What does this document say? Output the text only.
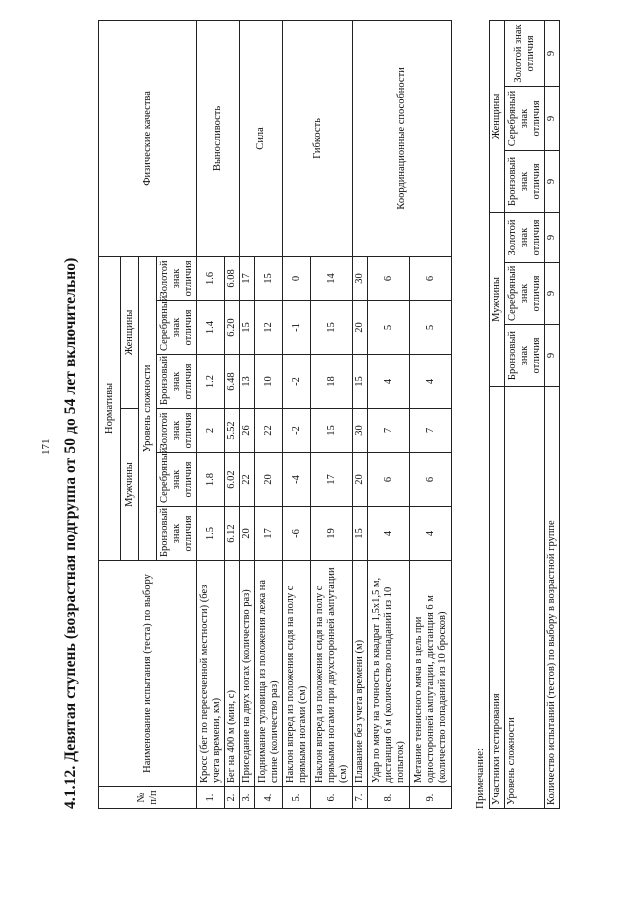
171 4.1.12. Девятая ступень (возрастная подгруппа от 50 до 54 лет включительно)	№ п/п	Наименование испытания (теста) по выбору	Нормативы						Физические качества
		Мужчины			Женщины			
		Уровень сложности						
		Бронзовый знак отличия	Серебряный знак отличия	Золотой знак отличия	Бронзовый знак отличия	Серебряный знак отличия	Золотой знак отличия	
1.	Кросс (бег по пересеченной местности) (без учета времени, км)	1.5	1.8	2	1.2	1.4	1.6	Выносливость
2.	Бег на 400 м (мин, с)	6.12	6.02	5.52	6.48	6.20	6.08	
3.	Приседание на двух ногах (количество раз)	20	22	26	13	15	17	Сила
4.	Поднимание туловища из положения лежа на спине (количество раз)	17	20	22	10	12	15	
5.	Наклон вперед из положения сидя на полу с прямыми ногами (см)	-6	-4	-2	-2	-1	0	Гибкость
6.	Наклон вперед из положения сидя на полу с прямыми ногами при двухсторонней ампутации (см)	19	17	15	18	15	14	
7.	Плавание без учета времени (м)	15	20	30	15	20	30	Координационные способности
8.	Удар по мячу на точность в квадрат 1,5х1,5 м, дистанция 6 м (количество попаданий из 10 попыток)	4	6	7	4	5	6	
9.	Метание теннисного мяча в цель при односторонней ампутации, дистанция 6 м (количество попаданий из 10 бросков)	4	6	7	4	5	6	
Примечание: Участники тестирования	Мужчины			Женщины		
Уровень сложности	Бронзовый знак отличия	Серебряный знак отличия	Золотой знак отличия	Бронзовый знак отличия	Серебряный знак отличия	Золотой знак отличия
Количество испытаний (тестов) по выбору в возрастной группе	9	9	9	9	9	9
